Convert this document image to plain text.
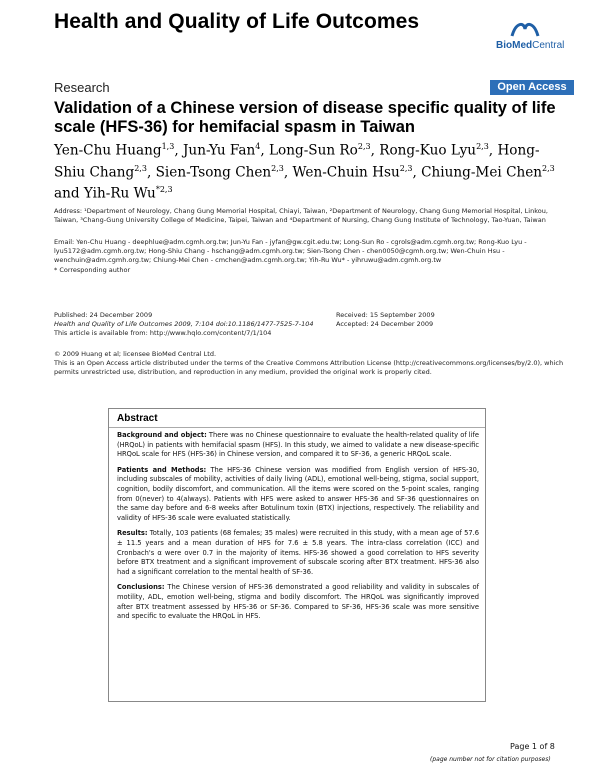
Health and Quality of Life Outcomes
BioMedCentral
Research	Open Access
Validation of a Chinese version of disease specific quality of life scale (HFS-36) for hemifacial spasm in Taiwan
Yen-Chu Huang$^{1,3}$, Jun-Yu Fan$^4$, Long-Sun Ro$^{2,3}$, Rong-Kuo Lyu$^{2,3}$, Hong-Shiu Chang$^{2,3}$, Sien-Tsong Chen$^{2,3}$, Wen-Chuin Hsu$^{2,3}$, Chiung-Mei Chen$^{2,3}$ and Yih-Ru Wu$^{*2,3}$
Address: ¹Department of Neurology, Chang Gung Memorial Hospital, Chiayi, Taiwan, ²Department of Neurology, Chang Gung Memorial Hospital, Linkou, Taiwan, ³Chang-Gung University College of Medicine, Taipei, Taiwan and ⁴Department of Nursing, Chang Gung Institute of Technology, Tao-Yuan, Taiwan
Email: Yen-Chu Huang - deephlue@adm.cgmh.org.tw; Jun-Yu Fan - jyfan@gw.cgit.edu.tw; Long-Sun Ro - cgrols@adm.cgmh.org.tw; Rong-Kuo Lyu - lyu5172@adm.cgmh.org.tw; Hong-Shiu Chang - hschang@adm.cgmh.org.tw; Sien-Tsong Chen - chen0050@cgmh.org.tw; Wen-Chuin Hsu - wenchuin@adm.cgmh.org.tw; Chiung-Mei Chen - cmchen@adm.cgmh.org.tw; Yih-Ru Wu* - yihruwu@adm.cgmh.org.tw
* Corresponding author
Published: 24 December 2009
Health and Quality of Life Outcomes 2009, 7:104 doi:10.1186/1477-7525-7-104
This article is available from: http://www.hqlo.com/content/7/1/104
Received: 15 September 2009
Accepted: 24 December 2009
© 2009 Huang et al; licensee BioMed Central Ltd.
This is an Open Access article distributed under the terms of the Creative Commons Attribution License (http://creativecommons.org/licenses/by/2.0), which permits unrestricted use, distribution, and reproduction in any medium, provided the original work is properly cited.
Abstract

Background and object: There was no Chinese questionnaire to evaluate the health-related quality of life (HRQoL) in patients with hemifacial spasm (HFS). In this study, we aimed to validate a new disease-specific HRQoL scale for HFS (HFS-36) in Chinese version, and compared it to SF-36, a generic HRQoL scale.

Patients and Methods: The HFS-36 Chinese version was modified from English version of HFS-30, including subscales of mobility, activities of daily living (ADL), emotional well-being, stigma, social support, cognition, bodily discomfort, and communication. All the items were scored on the 5-point scales, ranging from 0(never) to 4(always). Patients with HFS were asked to answer HFS-36 and SF-36 questionnaires on the same day before and 6-8 weeks after Botulinum toxin (BTX) injections, respectively. The reliability and validity of HFS-36 scale were evaluated statistically.

Results: Totally, 103 patients (68 females; 35 males) were recruited in this study, with a mean age of 57.6 ± 11.5 years and a mean duration of HFS for 7.6 ± 5.8 years. The intra-class correlation (ICC) and Cronbach's α were over 0.7 in the majority of items. HFS-36 showed a good correlation to HFS severity before BTX treatment and a significant improvement of subscale scoring after BTX treatment. HFS-36 also had a significant correlation to the mental health of SF-36.

Conclusions: The Chinese version of HFS-36 demonstrated a good reliability and validity in subscales of motility, ADL, emotion well-being, stigma and bodily discomfort. The HRQoL was significantly improved after BTX treatment assessed by HFS-36 or SF-36. Compared to SF-36, HFS-36 scale was more sensitive and specific to evaluate the HRQoL in HFS.

Page 1 of 8
(page number not for citation purposes)
